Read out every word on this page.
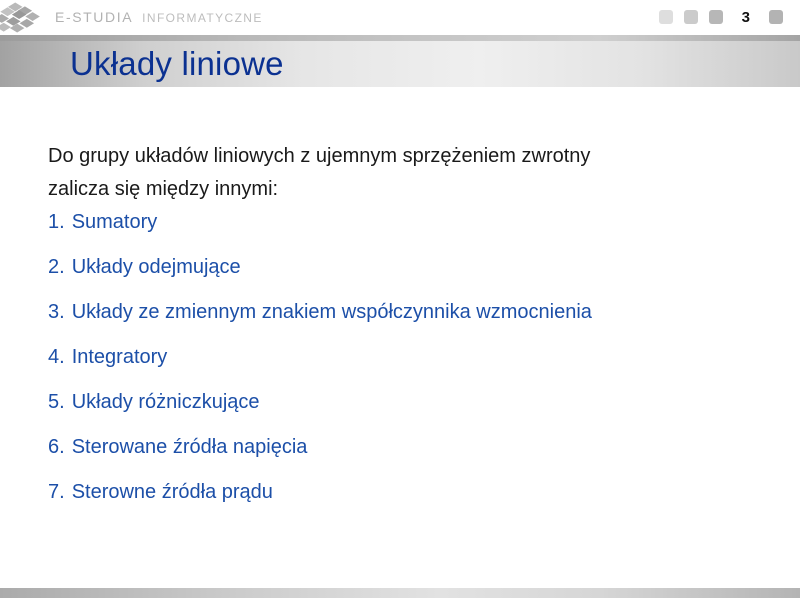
E-STUDIA INFORMATYCZNE	3
Układy liniowe

Do grupy układów liniowych z ujemnym sprzężeniem zwrotny
zalicza się między innymi:

1. Sumatory
2. Układy odejmujące
3. Układy ze zmiennym znakiem współczynnika wzmocnienia
4. Integratory
5. Układy różniczkujące
6. Sterowane źródła napięcia
7. Sterowne źródła prądu
